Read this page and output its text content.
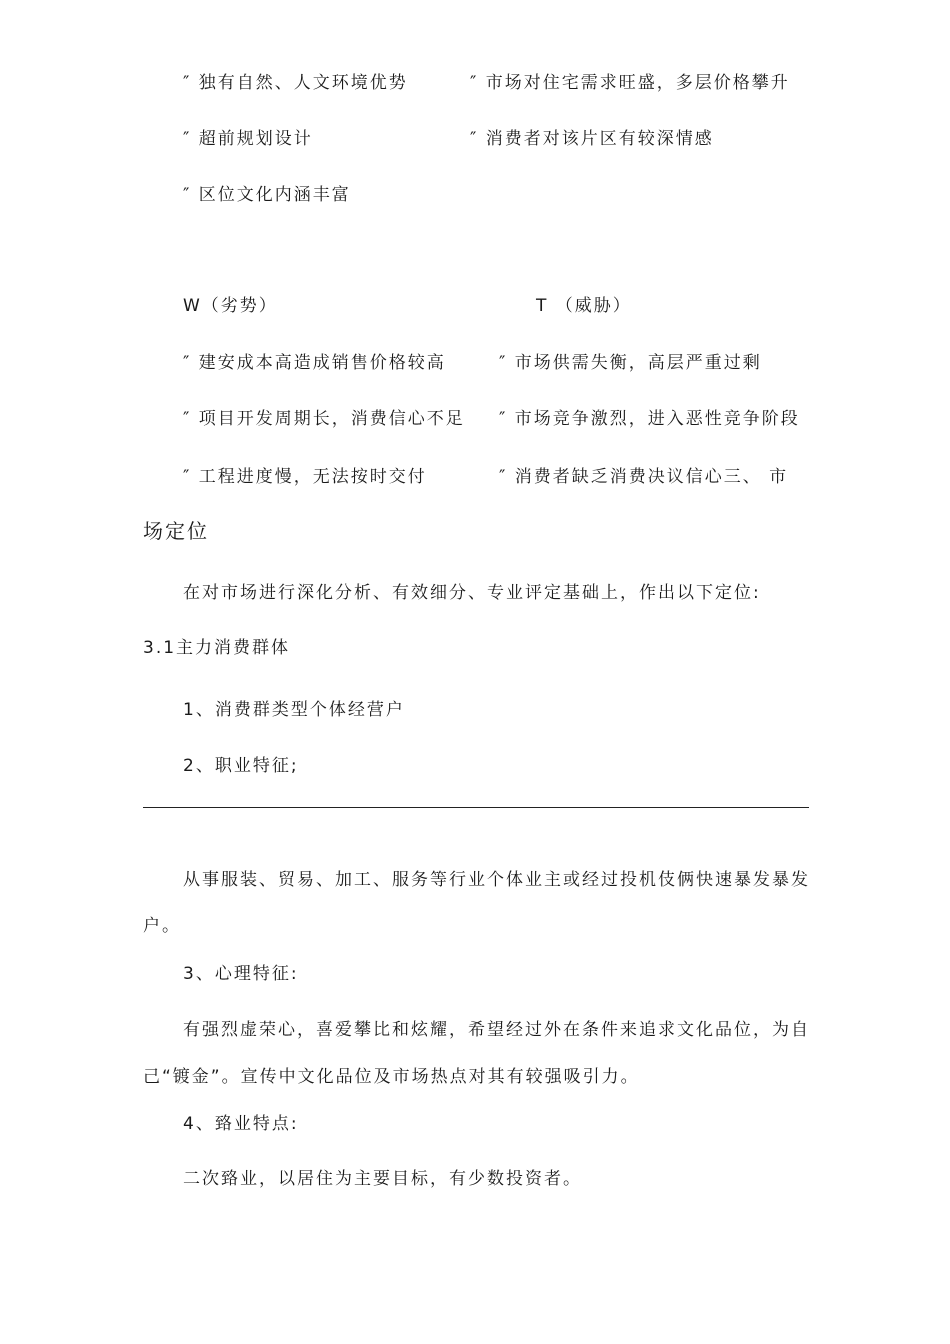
″ 独有自然、人文环境优势	″ 市场对住宅需求旺盛，多层价格攀升
″ 超前规划设计	″ 消费者对该片区有较深情感
″ 区位文化内涵丰富
W（劣势）	T （威胁）
″ 建安成本高造成销售价格较高	″ 市场供需失衡，高层严重过剩
″ 项目开发周期长，消费信心不足 ″ 市场竞争激烈，进入恶性竞争阶段
″ 工程进度慢，无法按时交付	″ 消费者缺乏消费决议信心三、 市
场定位
在对市场进行深化分析、有效细分、专业评定基础上，作出以下定位:
3.1主力消费群体
1、消费群类型个体经营户
2、职业特征;
从事服装、贸易、加工、服务等行业个体业主或经过投机伎俩快速暴发暴发
户。
3、心理特征:
有强烈虚荣心，喜爱攀比和炫耀，希望经过外在条件来追求文化品位，为自
己“镀金”。宣传中文化品位及市场热点对其有较强吸引力。
4、臵业特点:
二次臵业，以居住为主要目标，有少数投资者。
